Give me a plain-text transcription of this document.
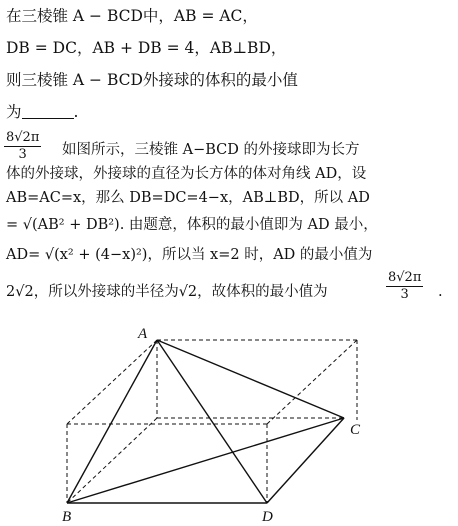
在三棱锥 A − BCD中，AB = AC，
DB = DC，AB + DB = 4，AB⊥BD，
则三棱锥 A − BCD外接球的体积的最小值
为	.
$\frac{8√2\pi}{3}$ 如图所示，三棱锥 A−BCD 的外接球即为长方
体的外接球，外接球的直径为长方体的体对角线 AD，设
AB=AC=x，那么 DB=DC=4−x，AB⊥BD，所以 AD
= √(AB² + DB²). 由题意，体积的最小值即为 AD 最小，
AD= √(x² + (4−x)²)，所以当 x=2 时，AD 的最小值为
2√2，所以外接球的半径为√2，故体积的最小值为	$\frac{8√2\pi}{3}$ .
A
B
C
D
